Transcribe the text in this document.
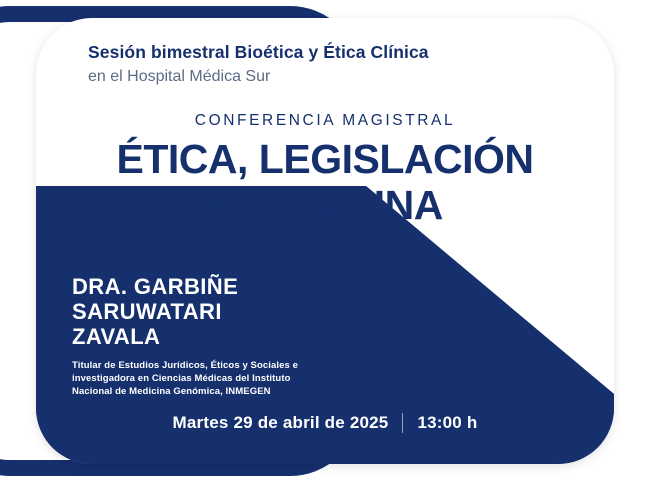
Sesión bimestral Bioética y Ética Clínica
en el Hospital Médica Sur
CONFERENCIA MAGISTRAL
ÉTICA, LEGISLACIÓN
Y MEDICINA
GENÓMICA
DRA. GARBIÑE
SARUWATARI
ZAVALA
Titular de Estudios Jurídicos, Éticos y Sociales e
investigadora en Ciencias Médicas del Instituto
Nacional de Medicina Genómica, INMEGEN
Martes 29 de abril de 2025 13:00 h
